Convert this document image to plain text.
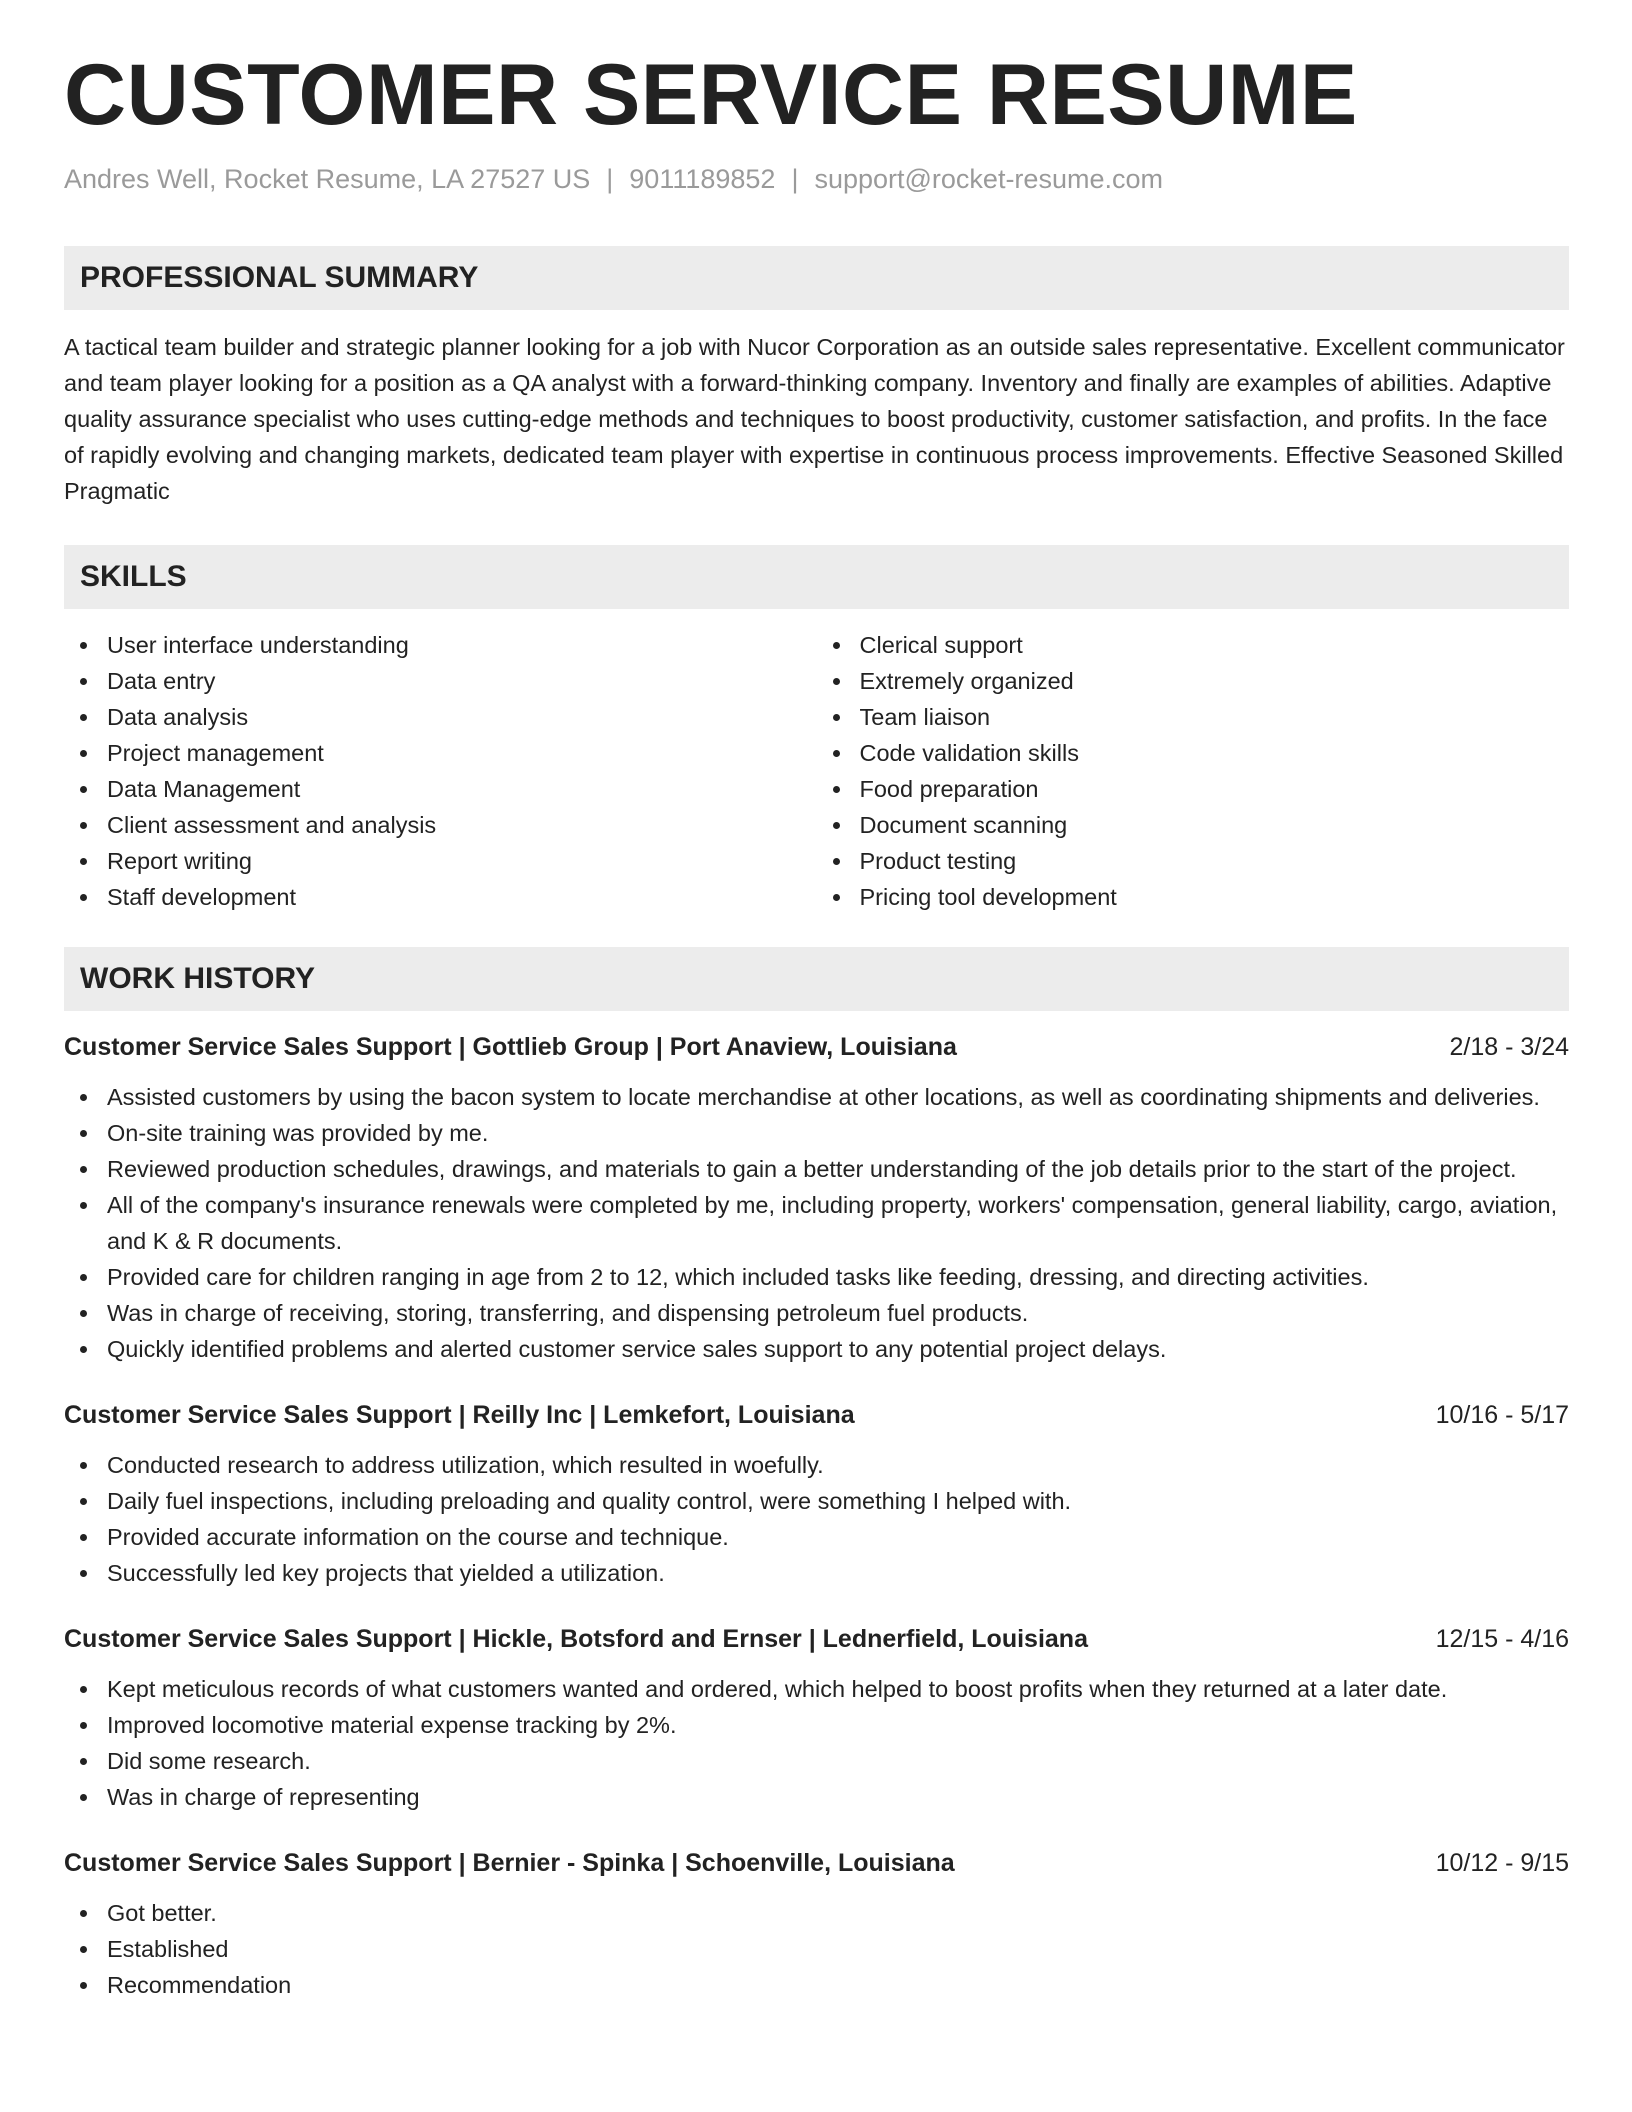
CUSTOMER SERVICE RESUME
Andres Well, Rocket Resume, LA 27527 US | 9011189852 | support@rocket-resume.com
PROFESSIONAL SUMMARY

A tactical team builder and strategic planner looking for a job with Nucor Corporation as an outside sales representative. Excellent communicator and team player looking for a position as a QA analyst with a forward-thinking company. Inventory and finally are examples of abilities. Adaptive quality assurance specialist who uses cutting-edge methods and techniques to boost productivity, customer satisfaction, and profits. In the face of rapidly evolving and changing markets, dedicated team player with expertise in continuous process improvements. Effective Seasoned Skilled Pragmatic

SKILLS
User interface understanding
Data entry
Data analysis
Project management
Data Management
Client assessment and analysis
Report writing
Staff development
Clerical support
Extremely organized
Team liaison
Code validation skills
Food preparation
Document scanning
Product testing
Pricing tool development
WORK HISTORY
Customer Service Sales Support | Gottlieb Group | Port Anaview, Louisiana	2/18 - 3/24
Assisted customers by using the bacon system to locate merchandise at other locations, as well as coordinating shipments and deliveries.
On-site training was provided by me.
Reviewed production schedules, drawings, and materials to gain a better understanding of the job details prior to the start of the project.
All of the company's insurance renewals were completed by me, including property, workers' compensation, general liability, cargo, aviation, and K & R documents.
Provided care for children ranging in age from 2 to 12, which included tasks like feeding, dressing, and directing activities.
Was in charge of receiving, storing, transferring, and dispensing petroleum fuel products.
Quickly identified problems and alerted customer service sales support to any potential project delays.
Customer Service Sales Support | Reilly Inc | Lemkefort, Louisiana	10/16 - 5/17
Conducted research to address utilization, which resulted in woefully.
Daily fuel inspections, including preloading and quality control, were something I helped with.
Provided accurate information on the course and technique.
Successfully led key projects that yielded a utilization.
Customer Service Sales Support | Hickle, Botsford and Ernser | Lednerfield, Louisiana	12/15 - 4/16
Kept meticulous records of what customers wanted and ordered, which helped to boost profits when they returned at a later date.
Improved locomotive material expense tracking by 2%.
Did some research.
Was in charge of representing
Customer Service Sales Support | Bernier - Spinka | Schoenville, Louisiana	10/12 - 9/15
Got better.
Established
Recommendation
